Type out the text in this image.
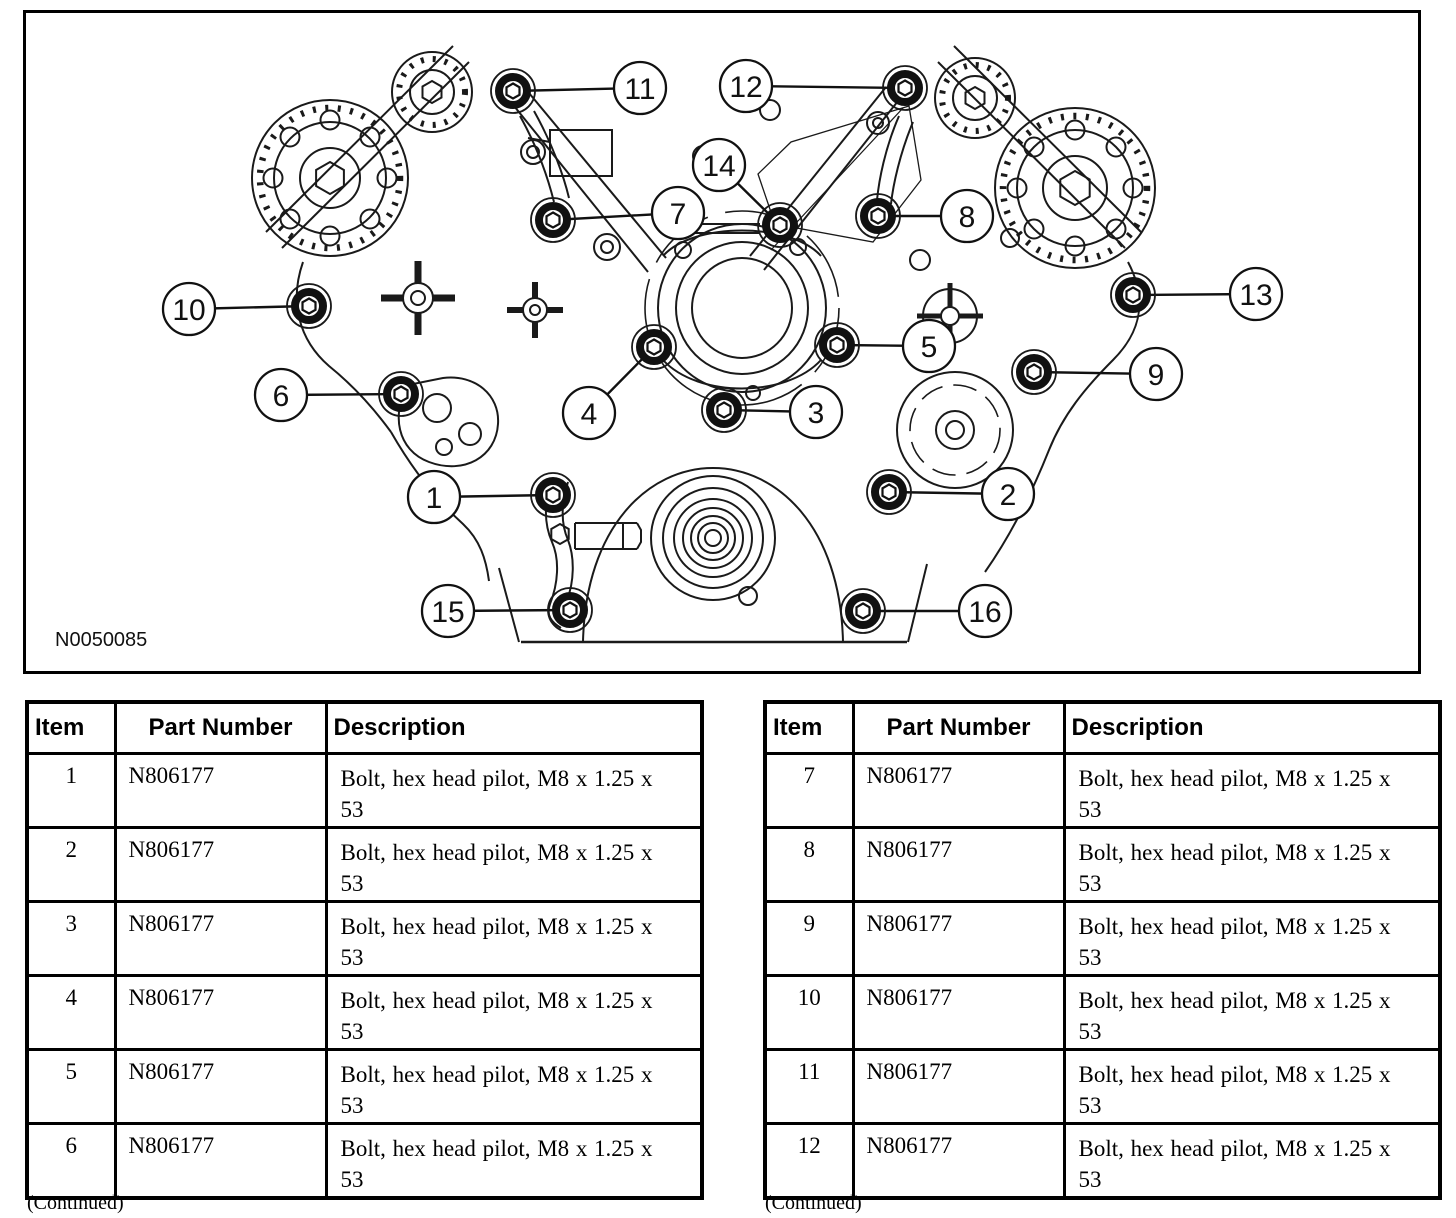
1	2
3
4
5
6
7	8
9
10
11 12
13
14
15	16
N0050085
Item	Part Number	Description
1	N806177	Bolt, hex head pilot, M8 x 1.25 x 53

2	N806177	Bolt, hex head pilot, M8 x 1.25 x 53

3	N806177	Bolt, hex head pilot, M8 x 1.25 x 53

4	N806177	Bolt, hex head pilot, M8 x 1.25 x 53

5	N806177	Bolt, hex head pilot, M8 x 1.25 x 53

6	N806177	Bolt, hex head pilot, M8 x 1.25 x 53
Item	Part Number	Description
7	N806177	Bolt, hex head pilot, M8 x 1.25 x 53

8	N806177	Bolt, hex head pilot, M8 x 1.25 x 53

9	N806177	Bolt, hex head pilot, M8 x 1.25 x 53

10	N806177	Bolt, hex head pilot, M8 x 1.25 x 53

11	N806177	Bolt, hex head pilot, M8 x 1.25 x 53

12	N806177	Bolt, hex head pilot, M8 x 1.25 x 53
(Continued)	(Continued)
